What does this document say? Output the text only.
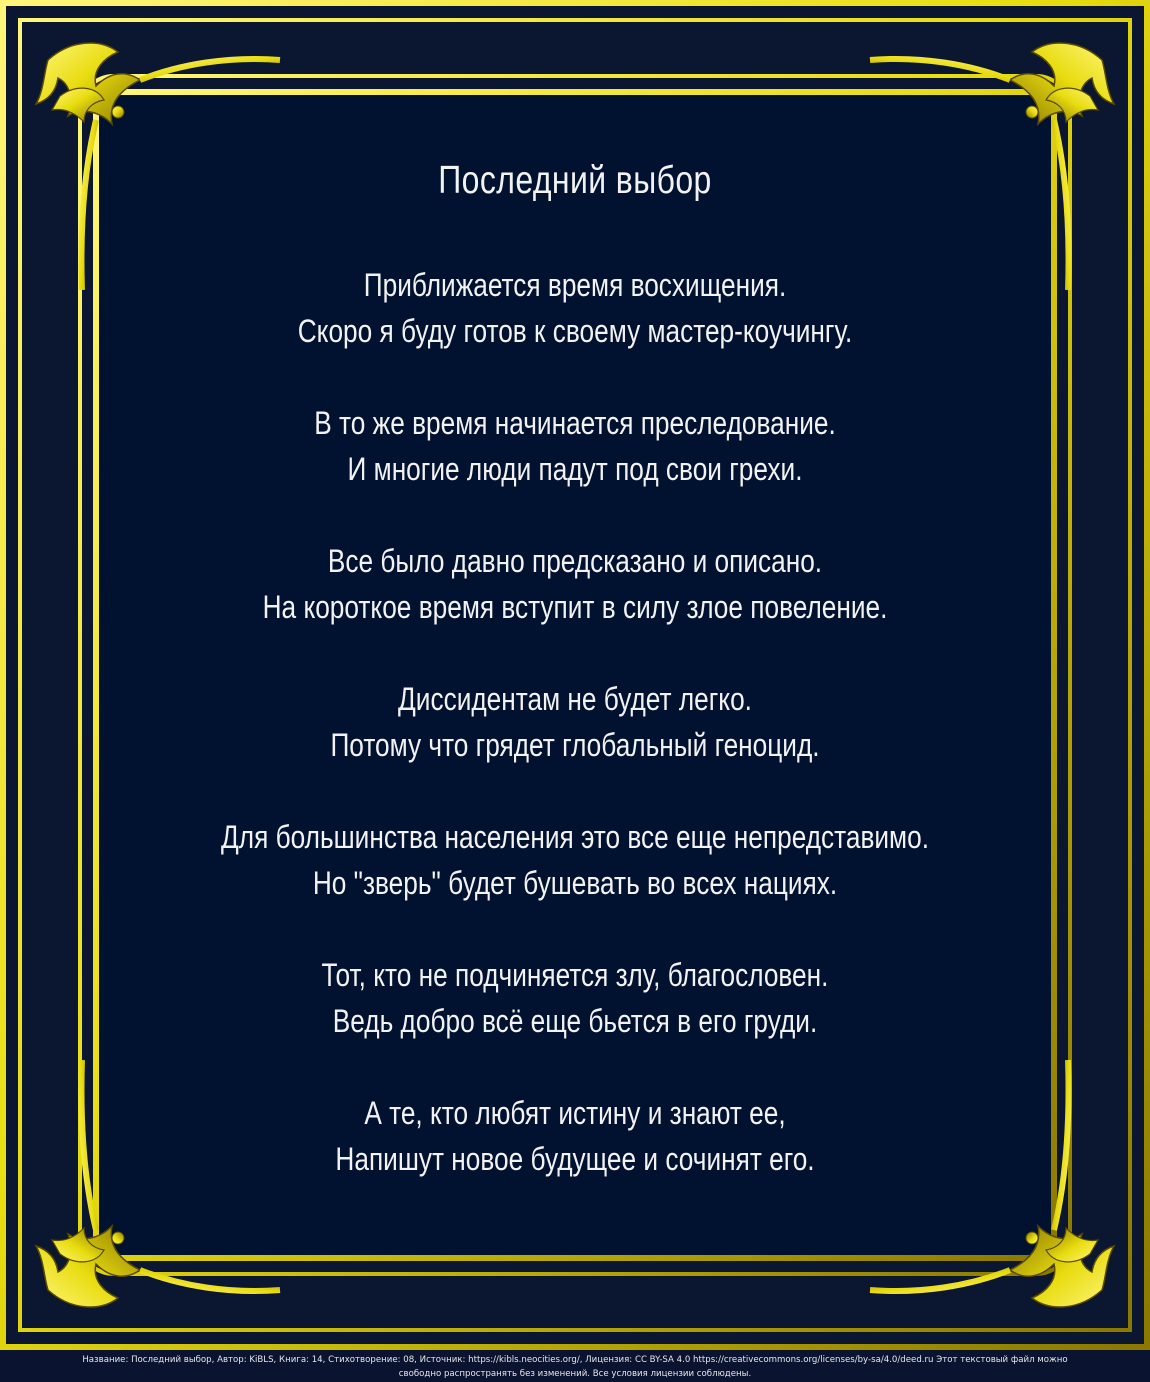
Последний выбор
Приближается время восхищения.
Скоро я буду готов к своему мастер-коучингу.
В то же время начинается преследование.
И многие люди падут под свои грехи.
Все было давно предсказано и описано.
На короткое время вступит в силу злое повеление.
Диссидентам не будет легко.
Потому что грядет глобальный геноцид.
Для большинства населения это все еще непредставимо.
Но "зверь" будет бушевать во всех нациях.
Тот, кто не подчиняется злу, благословен.
Ведь добро всё еще бьется в его груди.
А те, кто любят истину и знают ее,
Напишут новое будущее и сочинят его.
Название: Последний выбор, Автор: KiBLS, Книга: 14, Стихотворение: 08, Источник: https://kibls.neocities.org/, Лицензия: CC BY-SA 4.0 https://creativecommons.org/licenses/by-sa/4.0/deed.ru Этот текстовый файл можно
свободно распространять без изменений. Все условия лицензии соблюдены.
